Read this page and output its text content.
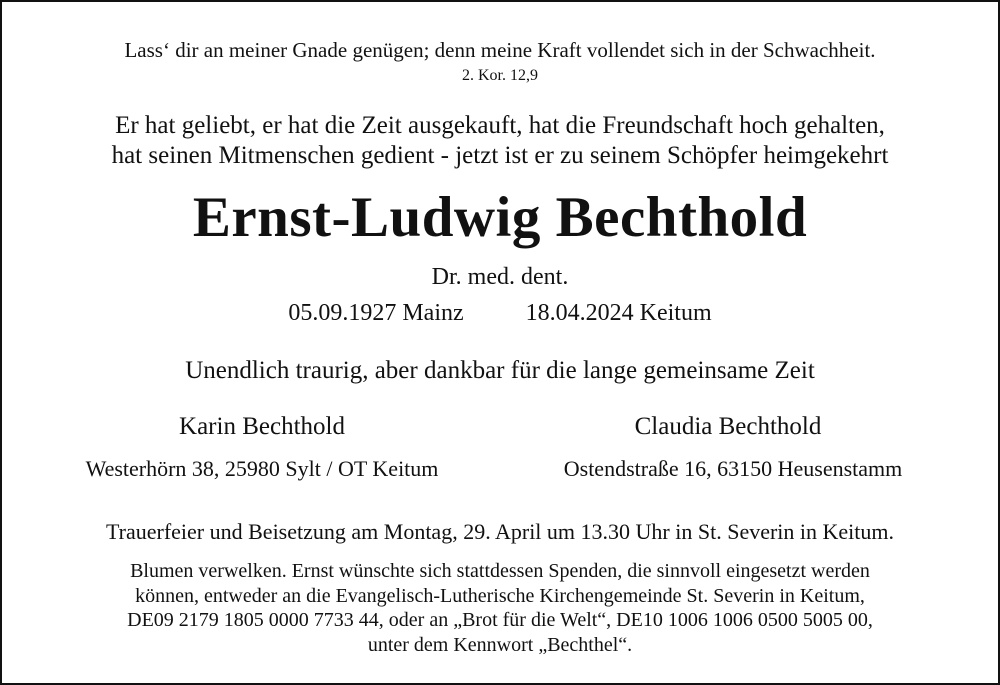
Lass‘ dir an meiner Gnade genügen; denn meine Kraft vollendet sich in der Schwachheit.
2. Kor. 12,9
Er hat geliebt, er hat die Zeit ausgekauft, hat die Freundschaft hoch gehalten,
hat seinen Mitmenschen gedient - jetzt ist er zu seinem Schöpfer heimgekehrt
Ernst-Ludwig Bechthold
Dr. med. dent.
05.09.1927 Mainz	18.04.2024 Keitum
Unendlich traurig, aber dankbar für die lange gemeinsame Zeit
Karin Bechthold	Claudia Bechthold
Westerhörn 38, 25980 Sylt / OT Keitum	Ostendstraße 16, 63150 Heusenstamm
Trauerfeier und Beisetzung am Montag, 29. April um 13.30 Uhr in St. Severin in Keitum.
Blumen verwelken. Ernst wünschte sich stattdessen Spenden, die sinnvoll eingesetzt werden
können, entweder an die Evangelisch-Lutherische Kirchengemeinde St. Severin in Keitum,
DE09 2179 1805 0000 7733 44, oder an „Brot für die Welt“, DE10 1006 1006 0500 5005 00,
unter dem Kennwort „Bechthel“.
